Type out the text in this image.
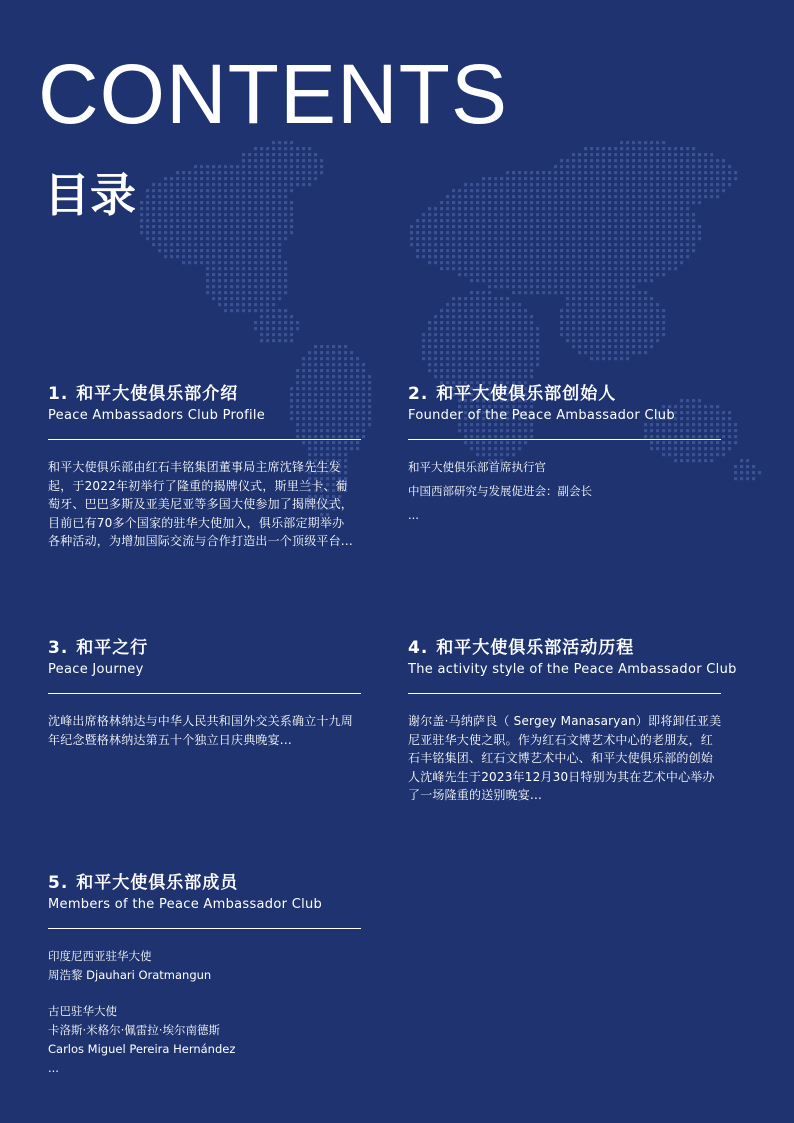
CONTENTS
目录
1. 和平大使俱乐部介绍
Peace Ambassadors Club Profile

和平大使俱乐部由红石丰铭集团董事局主席沈锋先生发起，于2022年初举行了隆重的揭牌仪式，斯里兰卡、葡萄牙、巴巴多斯及亚美尼亚等多国大使参加了揭牌仪式，目前已有70多个国家的驻华大使加入，俱乐部定期举办各种活动，为增加国际交流与合作打造出一个顶级平台...

2. 和平大使俱乐部创始人
Founder of the Peace Ambassador Club

和平大使俱乐部首席执行官

中国西部研究与发展促进会：副会长

...

3. 和平之行
Peace Journey

沈峰出席格林纳达与中华人民共和国外交关系确立十九周年纪念暨格林纳达第五十个独立日庆典晚宴...

4. 和平大使俱乐部活动历程
The activity style of the Peace Ambassador Club

谢尔盖·马纳萨良（ Sergey Manasaryan）即将卸任亚美尼亚驻华大使之职。作为红石文博艺术中心的老朋友，红石丰铭集团、红石文博艺术中心、和平大使俱乐部的创始人沈峰先生于2023年12月30日特别为其在艺术中心举办了一场隆重的送别晚宴...

5. 和平大使俱乐部成员
Members of the Peace Ambassador Club

印度尼西亚驻华大使

周浩黎 Djauhari Oratmangun

古巴驻华大使

卡洛斯·米格尔·佩雷拉·埃尔南德斯

Carlos Miguel Pereira Hernández

...
